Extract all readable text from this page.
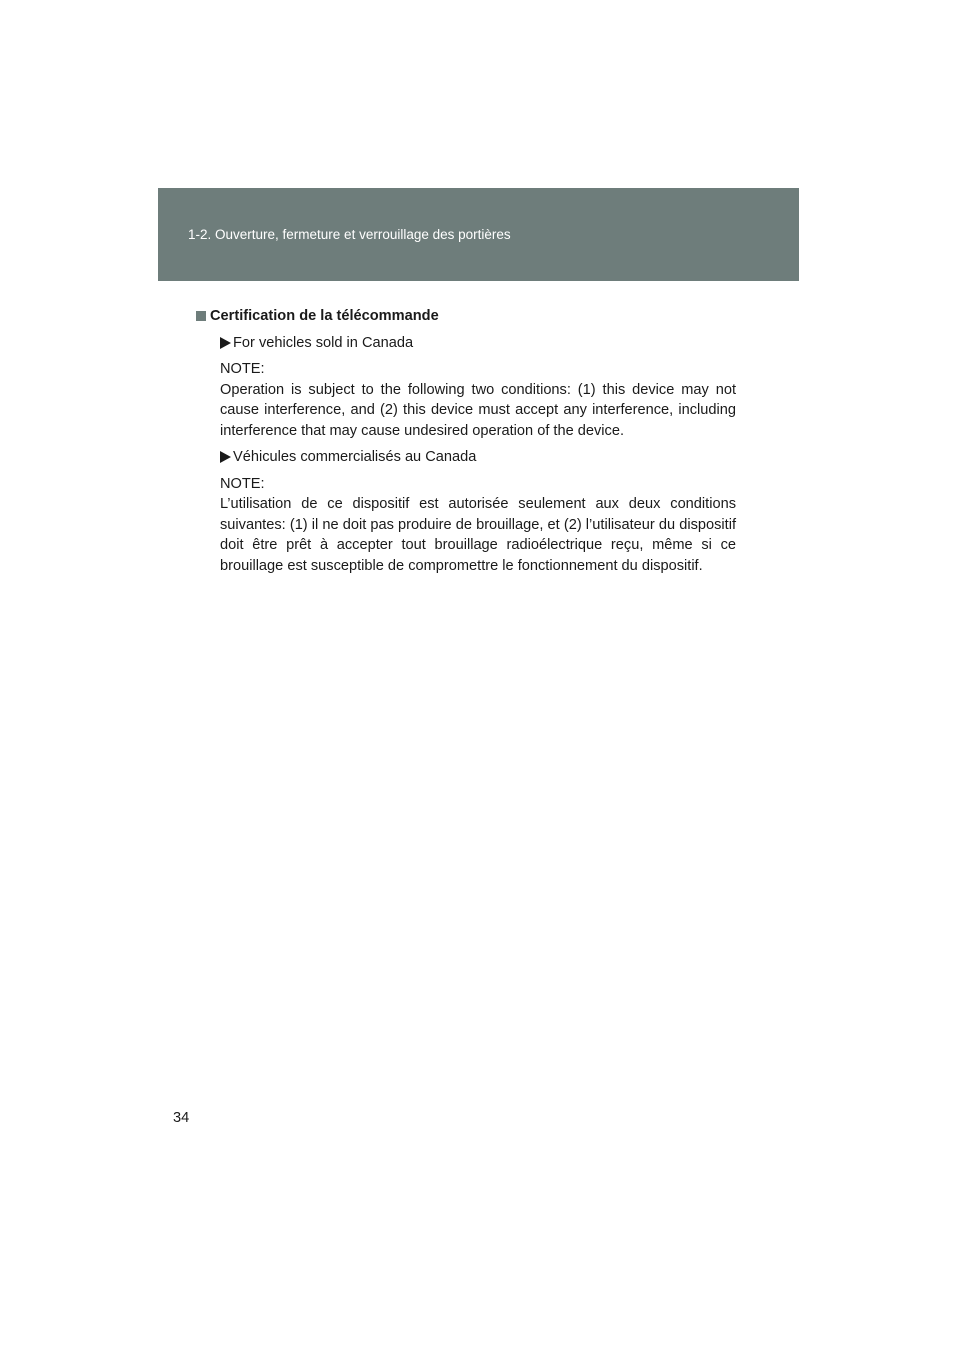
1-2. Ouverture, fermeture et verrouillage des portières
Certification de la télécommande
For vehicles sold in Canada
NOTE:
Operation is subject to the following two conditions: (1) this device may not cause interference, and (2) this device must accept any interference, including interference that may cause undesired operation of the device.
Véhicules commercialisés au Canada
NOTE:
L’utilisation de ce dispositif est autorisée seulement aux deux conditions suivantes: (1) il ne doit pas produire de brouillage, et (2) l’utilisateur du dispositif doit être prêt à accepter tout brouillage radioélectrique reçu, même si ce brouillage est susceptible de compromettre le fonctionnement du dispositif.
34
